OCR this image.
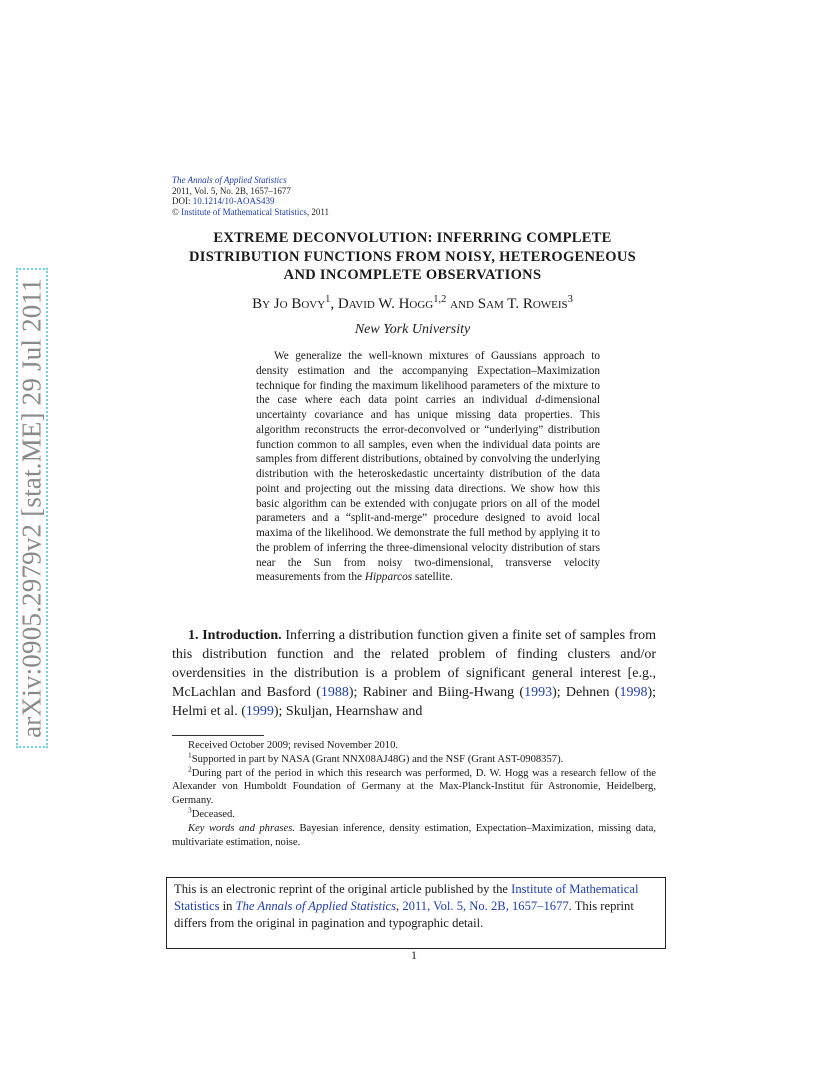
arXiv:0905.2979v2 [stat.ME] 29 Jul 2011
The Annals of Applied Statistics
2011, Vol. 5, No. 2B, 1657–1677
DOI: 10.1214/10-AOAS439
© Institute of Mathematical Statistics, 2011
EXTREME DECONVOLUTION: INFERRING COMPLETE
DISTRIBUTION FUNCTIONS FROM NOISY, HETEROGENEOUS
AND INCOMPLETE OBSERVATIONS
By Jo Bovy$^1$, David W. Hogg$^{1,2}$ and Sam T. Roweis$^3$
New York University
We generalize the well-known mixtures of Gaussians approach to density estimation and the accompanying Expectation–Maximization technique for finding the maximum likelihood parameters of the mixture to the case where each data point carries an individual d-dimensional uncertainty covariance and has unique missing data properties. This algorithm reconstructs the error-deconvolved or “underlying” distribution function common to all samples, even when the individual data points are samples from different distributions, obtained by convolving the underlying distribution with the heteroskedastic uncertainty distribution of the data point and projecting out the missing data directions. We show how this basic algorithm can be extended with conjugate priors on all of the model parameters and a “split-and-merge” procedure designed to avoid local maxima of the likelihood. We demonstrate the full method by applying it to the problem of inferring the three-dimensional velocity distribution of stars near the Sun from noisy two-dimensional, transverse velocity measurements from the Hipparcos satellite.
1. Introduction. Inferring a distribution function given a finite set of samples from this distribution function and the related problem of finding clusters and/or overdensities in the distribution is a problem of significant general interest [e.g., McLachlan and Basford (1988); Rabiner and Biing-Hwang (1993); Dehnen (1998); Helmi et al. (1999); Skuljan, Hearnshaw and

Received October 2009; revised November 2010.

$^1$Supported in part by NASA (Grant NNX08AJ48G) and the NSF (Grant AST-0908357).

$^2$During part of the period in which this research was performed, D. W. Hogg was a research fellow of the Alexander von Humboldt Foundation of Germany at the Max-Planck-Institut für Astronomie, Heidelberg, Germany.

$^3$Deceased.

Key words and phrases. Bayesian inference, density estimation, Expectation–Maximization, missing data, multivariate estimation, noise.

This is an electronic reprint of the original article published by the Institute of Mathematical Statistics in The Annals of Applied Statistics, 2011, Vol. 5, No. 2B, 1657–1677. This reprint differs from the original in pagination and typographic detail.
1
